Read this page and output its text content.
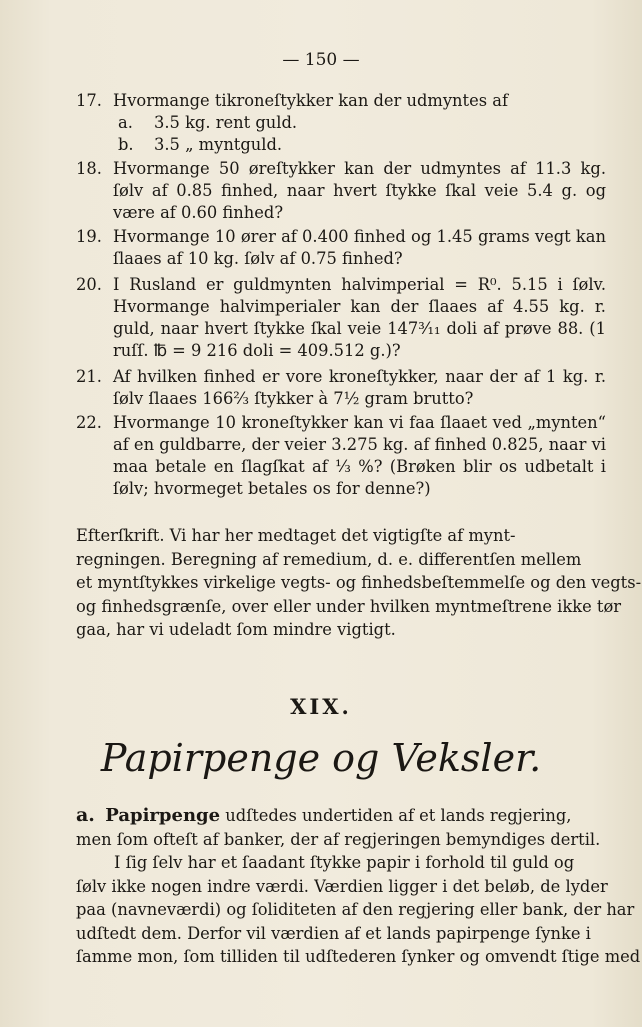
— 150 —
17. Hvormange tikroneſtykker kan der udmyntes af
a. 3.5 kg. rent guld.
b. 3.5 „ myntguld.
18. Hvormange 50 øreſtykker kan der udmyntes af 11.3 kg. ſølv af 0.85 finhed, naar hvert ſtykke ſkal veie 5.4 g. og være af 0.60 finhed?
19. Hvormange 10 ører af 0.400 finhed og 1.45 grams vegt kan ſlaaes af 10 kg. ſølv af 0.75 finhed?
20. I Rusland er guldmynten halvimperial = R⁰. 5.15 i ſølv. Hvormange halvimperialer kan der ſlaaes af 4.55 kg. r. guld, naar hvert ſtykke ſkal veie 147³⁄₁₁ doli af prøve 88. (1 ruſſ. ℔ = 9 216 doli = 409.512 g.)?
21. Af hvilken finhed er vore kroneſtykker, naar der af 1 kg. r. ſølv ſlaaes 166⅔ ſtykker à 7½ gram brutto?
22. Hvormange 10 kroneſtykker kan vi faa ſlaaet ved „mynten“ af en guldbarre, der veier 3.275 kg. af finhed 0.825, naar vi maa betale en ſlagſkat af ⅓ %? (Brøken blir os udbetalt i ſølv; hvormeget betales os for denne?)
Efterſkrift. Vi har her medtaget det vigtigſte af mynt-
regningen. Beregning af remedium, d. e. differentſen mellem
et myntſtykkes virkelige vegts- og finhedsbeſtemmelſe og den vegts-
og finhedsgrænſe, over eller under hvilken myntmeſtrene ikke tør
gaa, har vi udeladt ſom mindre vigtigt.
XIX.
Papirpenge og Veksler.
a. Papirpenge udſtedes undertiden af et lands regjering,
men ſom ofteſt af banker, der af regjeringen bemyndiges dertil.
I ſig ſelv har et ſaadant ſtykke papir i forhold til guld og
ſølv ikke nogen indre værdi. Værdien ligger i det beløb, de lyder
paa (navneværdi) og ſoliditeten af den regjering eller bank, der har
udſtedt dem. Derfor vil værdien af et lands papirpenge ſynke i
ſamme mon, ſom tilliden til udſtederen ſynker og omvendt ſtige med
